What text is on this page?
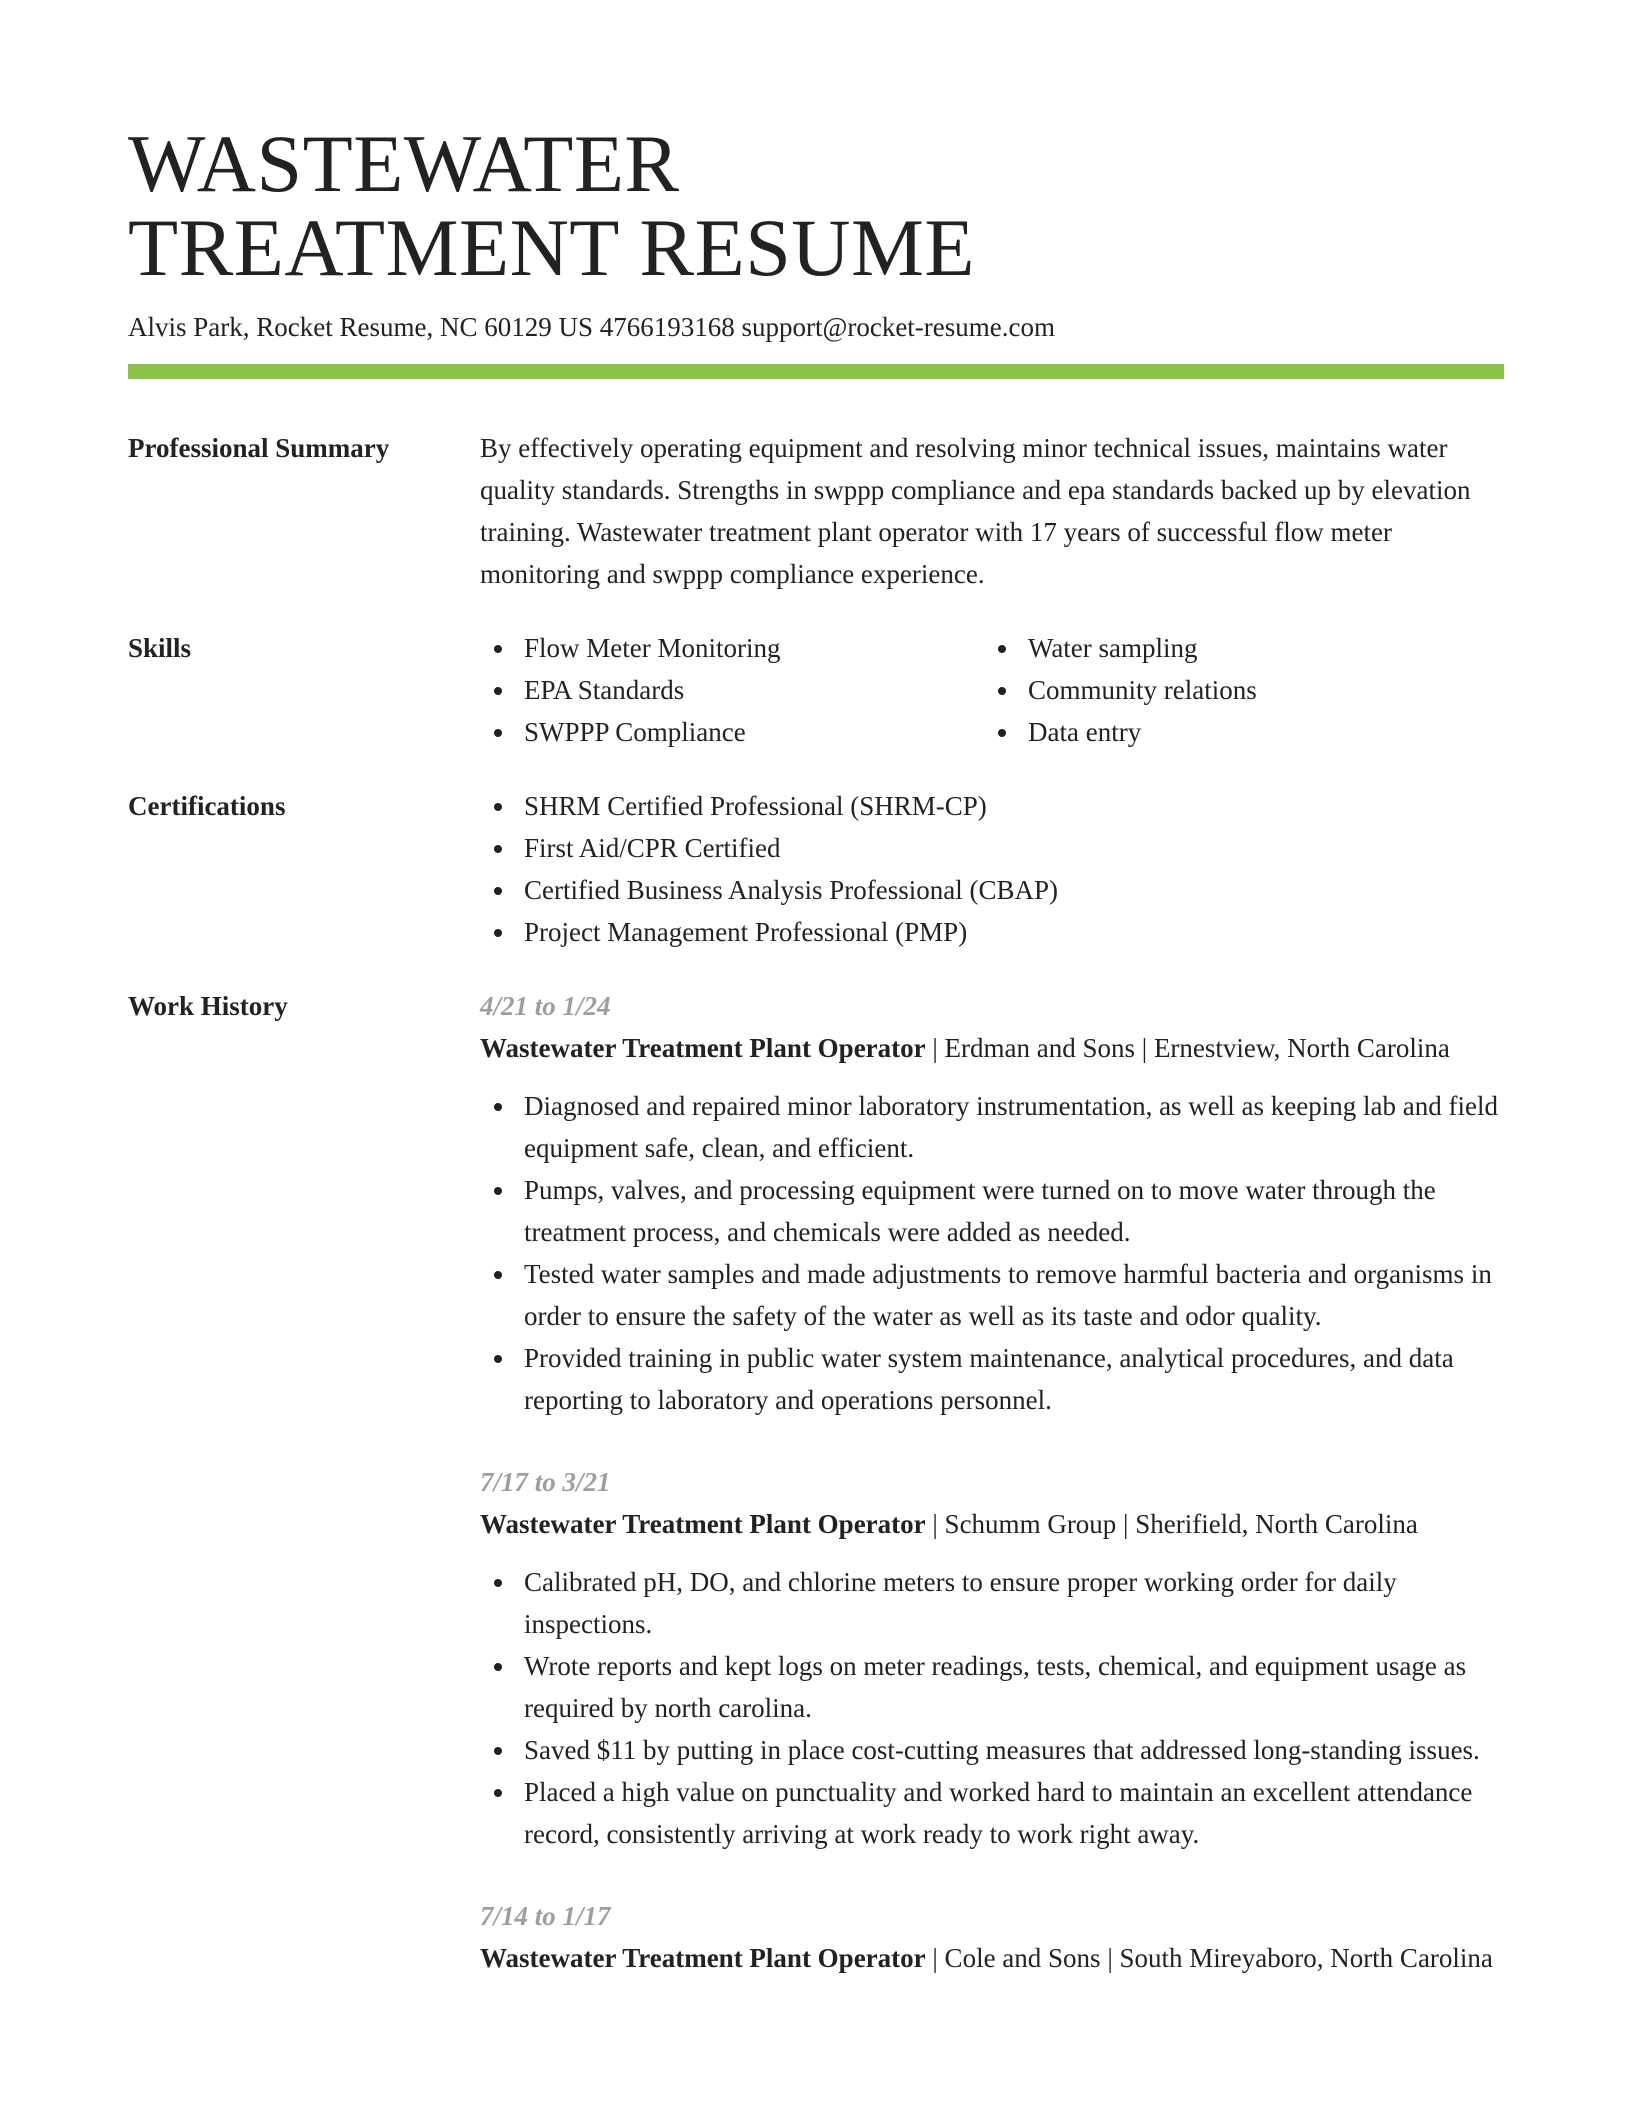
WASTEWATER
TREATMENT RESUME
Alvis Park, Rocket Resume, NC 60129 US 4766193168 support@rocket-resume.com
Professional Summary	By effectively operating equipment and resolving minor technical issues, maintains water quality standards. Strengths in swppp compliance and epa standards backed up by elevation training. Wastewater treatment plant operator with 17 years of successful flow meter monitoring and swppp compliance experience.
Skills	Flow Meter Monitoring
EPA Standards
SWPPP Compliance
Water sampling
Community relations
Data entry
Certifications	SHRM Certified Professional (SHRM-CP)
First Aid/CPR Certified
Certified Business Analysis Professional (CBAP)
Project Management Professional (PMP)
Work History	4/21 to 1/24
Wastewater Treatment Plant Operator | Erdman and Sons | Ernestview, North Carolina
Diagnosed and repaired minor laboratory instrumentation, as well as keeping lab and field equipment safe, clean, and efficient.
Pumps, valves, and processing equipment were turned on to move water through the treatment process, and chemicals were added as needed.
Tested water samples and made adjustments to remove harmful bacteria and organisms in order to ensure the safety of the water as well as its taste and odor quality.
Provided training in public water system maintenance, analytical procedures, and data reporting to laboratory and operations personnel.
7/17 to 3/21
Wastewater Treatment Plant Operator | Schumm Group | Sherifield, North Carolina
Calibrated pH, DO, and chlorine meters to ensure proper working order for daily inspections.
Wrote reports and kept logs on meter readings, tests, chemical, and equipment usage as required by north carolina.
Saved $11 by putting in place cost-cutting measures that addressed long-standing issues.
Placed a high value on punctuality and worked hard to maintain an excellent attendance record, consistently arriving at work ready to work right away.
7/14 to 1/17
Wastewater Treatment Plant Operator | Cole and Sons | South Mireyaboro, North Carolina
